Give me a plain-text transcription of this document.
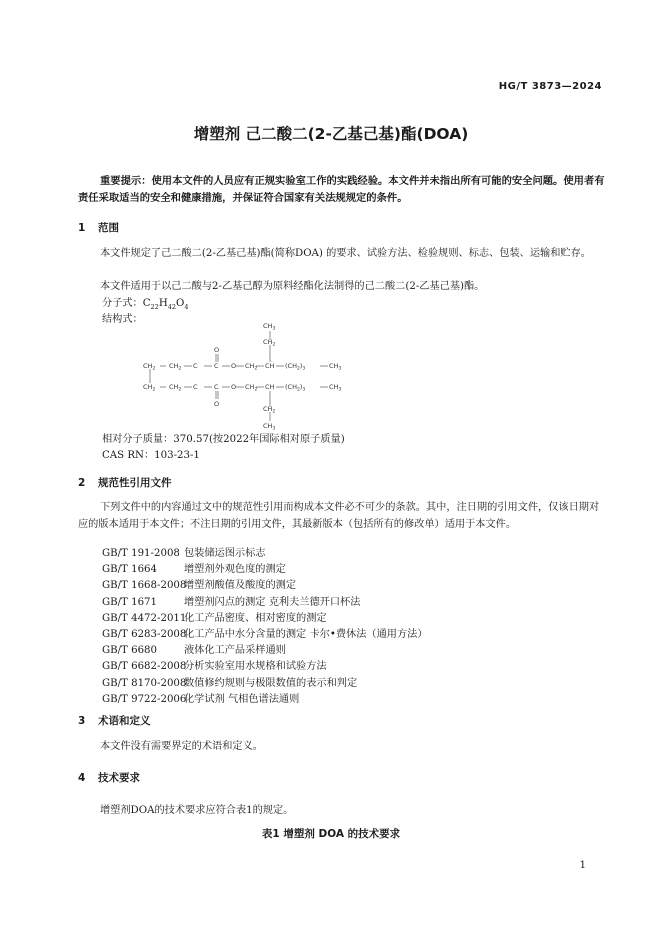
HG/T 3873—2024
增塑剂 己二酸二(2-乙基己基)酯(DOA)
重要提示：使用本文件的人员应有正规实验室工作的实践经验。本文件并未指出所有可能的安全问题。使用者有责任采取适当的安全和健康措施，并保证符合国家有关法规规定的条件。
1 范围
本文件规定了己二酸二(2-乙基己基)酯(简称DOA) 的要求、试验方法、检验规则、标志、包装、运输和贮存。
本文件适用于以己二酸与2-乙基己醇为原料经酯化法制得的己二酸二(2-乙基己基)酯。
分子式：$C_{22}H_{42}O_4$
结构式：
$CH_3$
$CH_2$
O
$CH_2$ $CH_2$ C	C O $CH_2$ CH $(CH_2)_3$	$CH_3$
$CH_2$ $CH_2$ C	C O $CH_2$ CH $(CH_2)_3$	$CH_3$
O
$CH_2$
$CH_3$
相对分子质量：370.57(按2022年国际相对原子质量)
CAS RN：103-23-1
2 规范性引用文件
下列文件中的内容通过文中的规范性引用而构成本文件必不可少的条款。其中，注日期的引用文件，仅该日期对应的版本适用于本文件；不注日期的引用文件，其最新版本（包括所有的修改单）适用于本文件。
GB/T 191-2008 包装储运图示标志
GB/T 1664	增塑剂外观色度的测定
GB/T 1668-2008增塑剂酸值及酸度的测定
GB/T 1671	增塑剂闪点的测定 克利夫兰德开口杯法
GB/T 4472-2011化工产品密度、相对密度的测定
GB/T 6283-2008化工产品中水分含量的测定 卡尔•费休法（通用方法）
GB/T 6680	液体化工产品采样通则
GB/T 6682-2008分析实验室用水规格和试验方法
GB/T 8170-2008数值修约规则与极限数值的表示和判定
GB/T 9722-2006化学试剂 气相色谱法通则
3 术语和定义
本文件没有需要界定的术语和定义。
4 技术要求
增塑剂DOA的技术要求应符合表1的规定。
表1 增塑剂 DOA 的技术要求
1
